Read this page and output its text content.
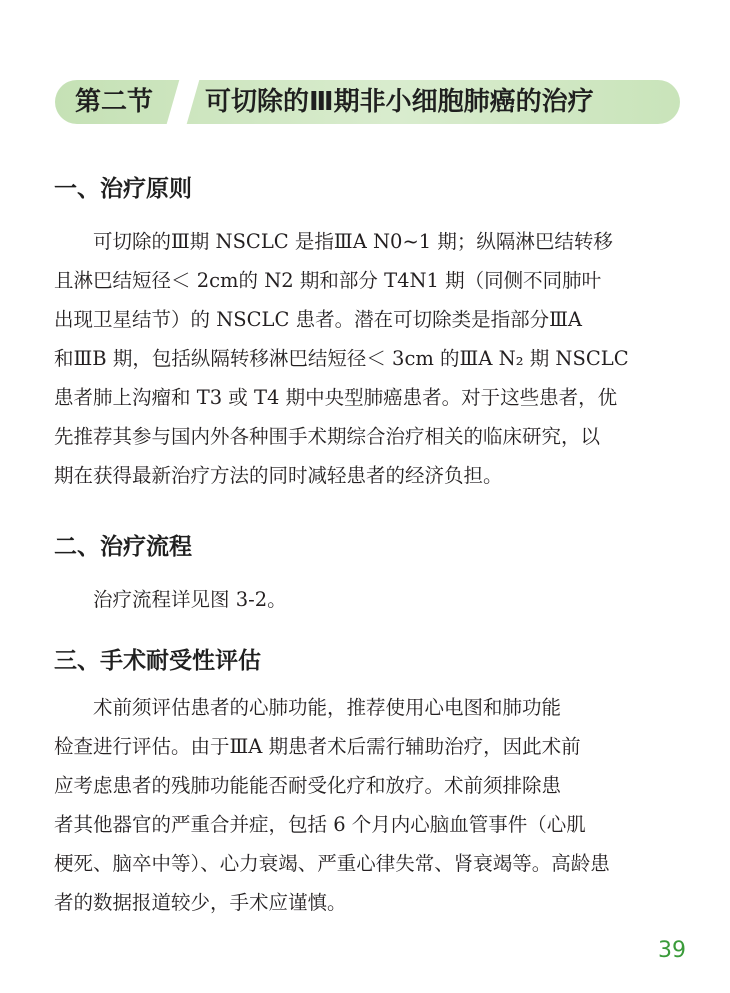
第二节 可切除的Ⅲ期非小细胞肺癌的治疗
一、治疗原则
可切除的Ⅲ期 NSCLC 是指ⅢA N0~1 期；纵隔淋巴结转移
且淋巴结短径＜ 2cm的 N2 期和部分 T4N1 期（同侧不同肺叶
出现卫星结节）的 NSCLC 患者。潜在可切除类是指部分ⅢA
和ⅢB 期，包括纵隔转移淋巴结短径＜ 3cm 的ⅢA N₂ 期 NSCLC
患者肺上沟瘤和 T3 或 T4 期中央型肺癌患者。对于这些患者，优
先推荐其参与国内外各种围手术期综合治疗相关的临床研究，以
期在获得最新治疗方法的同时减轻患者的经济负担。
二、治疗流程
治疗流程详见图 3-2。
三、手术耐受性评估
术前须评估患者的心肺功能，推荐使用心电图和肺功能
检查进行评估。由于ⅢA 期患者术后需行辅助治疗，因此术前
应考虑患者的残肺功能能否耐受化疗和放疗。术前须排除患
者其他器官的严重合并症，包括 6 个月内心脑血管事件（心肌
梗死、脑卒中等）、心力衰竭、严重心律失常、肾衰竭等。高龄患
者的数据报道较少，手术应谨慎。
39
